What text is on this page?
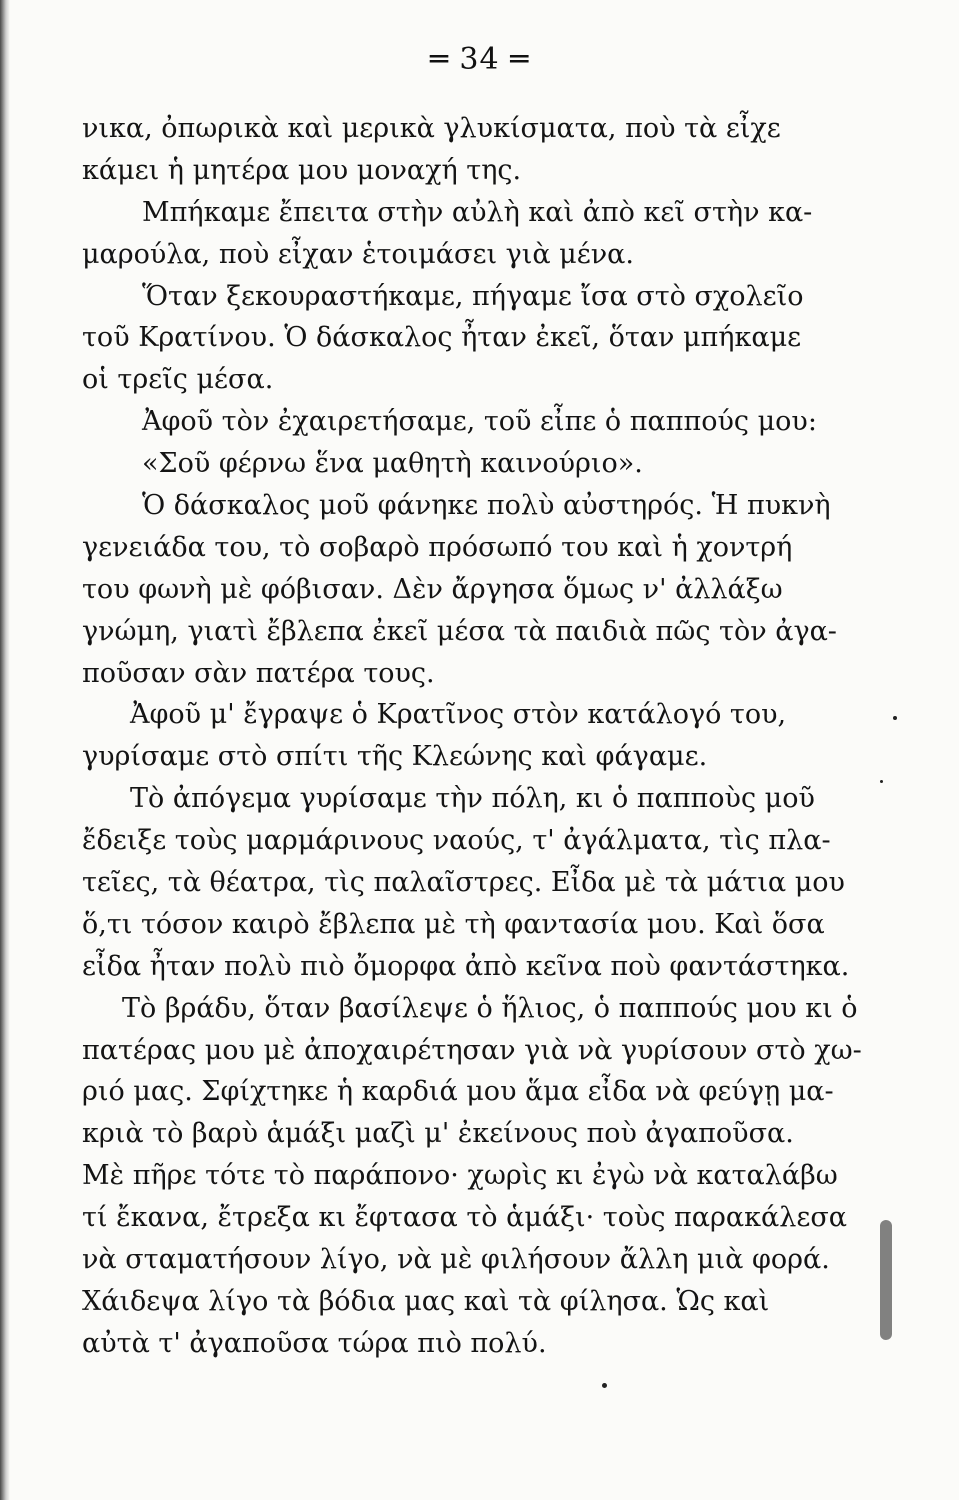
═ 34 ═
νικα, ὀπωρικὰ καὶ μερικὰ γλυκίσματα, ποὺ τὰ εἶχε
κάμει ἡ μητέρα μου μοναχή της.
Μπήκαμε ἔπειτα στὴν αὐλὴ καὶ ἀπὸ κεῖ στὴν κα-
μαρούλα, ποὺ εἶχαν ἑτοιμάσει γιὰ μένα.
Ὅταν ξεκουραστήκαμε, πήγαμε ἴσα στὸ σχολεῖο
τοῦ Κρατίνου. Ὁ δάσκαλος ἦταν ἐκεῖ, ὅταν μπήκαμε
οἱ τρεῖς μέσα.
Ἀφοῦ τὸν ἐχαιρετήσαμε, τοῦ εἶπε ὁ παππούς μου:
«Σοῦ φέρνω ἕνα μαθητὴ καινούριο».
Ὁ δάσκαλος μοῦ φάνηκε πολὺ αὐστηρός. Ἡ πυκνὴ
γενειάδα του, τὸ σοβαρὸ πρόσωπό του καὶ ἡ χοντρή
του φωνὴ μὲ φόβισαν. Δὲν ἄργησα ὅμως ν' ἀλλάξω
γνώμη, γιατὶ ἔβλεπα ἐκεῖ μέσα τὰ παιδιὰ πῶς τὸν ἀγα-
ποῦσαν σὰν πατέρα τους.
Ἀφοῦ μ' ἔγραψε ὁ Κρατῖνος στὸν κατάλογό του,
γυρίσαμε στὸ σπίτι τῆς Κλεώνης καὶ φάγαμε.
Τὸ ἀπόγεμα γυρίσαμε τὴν πόλη, κι ὁ παπποὺς μοῦ
ἔδειξε τοὺς μαρμάρινους ναούς, τ' ἀγάλματα, τὶς πλα-
τεῖες, τὰ θέατρα, τὶς παλαῖστρες. Εἶδα μὲ τὰ μάτια μου
ὅ,τι τόσον καιρὸ ἔβλεπα μὲ τὴ φαντασία μου. Καὶ ὅσα
εἶδα ἦταν πολὺ πιὸ ὄμορφα ἀπὸ κεῖνα ποὺ φαντάστηκα.
Τὸ βράδυ, ὅταν βασίλεψε ὁ ἥλιος, ὁ παππούς μου κι ὁ
πατέρας μου μὲ ἀποχαιρέτησαν γιὰ νὰ γυρίσουν στὸ χω-
ριό μας. Σφίχτηκε ἡ καρδιά μου ἅμα εἶδα νὰ φεύγῃ μα-
κριὰ τὸ βαρὺ ἁμάξι μαζὶ μ' ἐκείνους ποὺ ἀγαποῦσα.
Μὲ πῆρε τότε τὸ παράπονο· χωρὶς κι ἐγὼ νὰ καταλάβω
τί ἔκανα, ἔτρεξα κι ἔφτασα τὸ ἁμάξι· τοὺς παρακάλεσα
νὰ σταματήσουν λίγο, νὰ μὲ φιλήσουν ἄλλη μιὰ φορά.
Χάιδεψα λίγο τὰ βόδια μας καὶ τὰ φίλησα. Ὡς καὶ
αὐτὰ τ' ἀγαποῦσα τώρα πιὸ πολύ.
